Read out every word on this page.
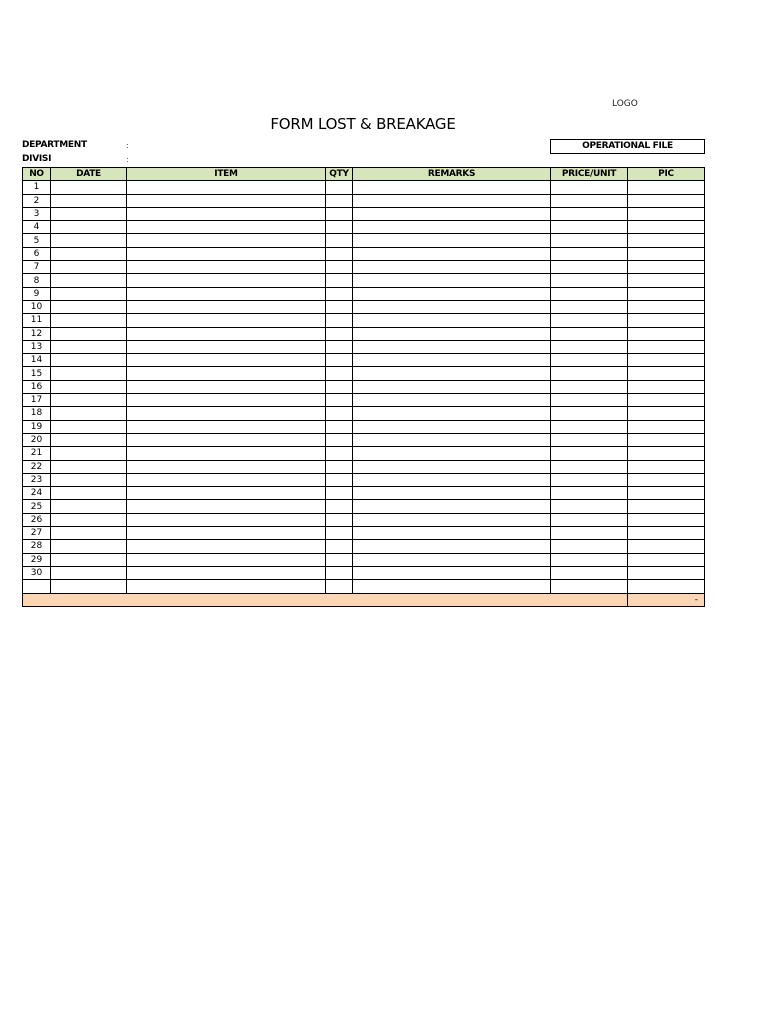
LOGO
FORM LOST & BREAKAGE
DEPARTMENT	:
DIVISI	:
OPERATIONAL FILE
NO	DATE	ITEM	QTY	REMARKS	PRICE/UNIT	PIC
1						
2						
3						
4						
5						
6						
7						
8						
9						
10						
11						
12						
13						
14						
15						
16						
17						
18						
19						
20						
21						
22						
23						
24						
25						
26						
27						
28						
29						
30						

						-
